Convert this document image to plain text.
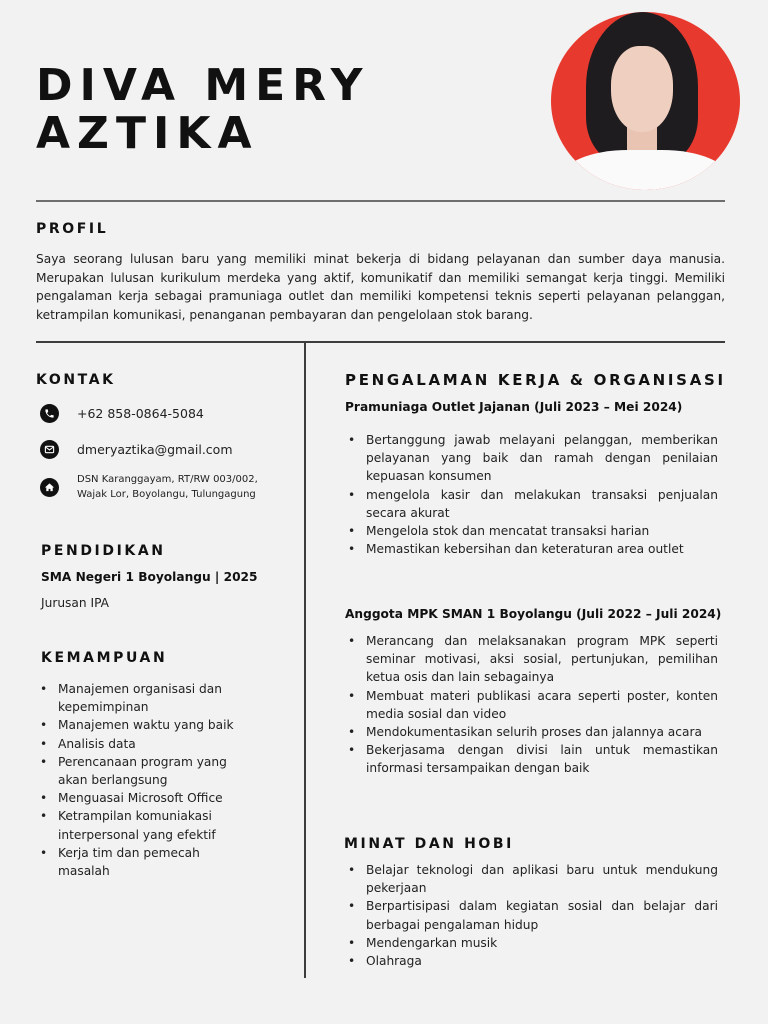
DIVA MERY
AZTIKA
PROFIL

Saya seorang lulusan baru yang memiliki minat bekerja di bidang pelayanan dan sumber daya manusia. Merupakan lulusan kurikulum merdeka yang aktif, komunikatif dan memiliki semangat kerja tinggi. Memiliki pengalaman kerja sebagai pramuniaga outlet dan memiliki kompetensi teknis seperti pelayanan pelanggan, ketrampilan komunikasi, penanganan pembayaran dan pengelolaan stok barang.

KONTAK
+62 858-0864-5084
dmeryaztika@gmail.com
DSN Karanggayam, RT/RW 003/002,
Wajak Lor, Boyolangu, Tulungagung
PENDIDIKAN
SMA Negeri 1 Boyolangu | 2025
Jurusan IPA
KEMAMPUAN
• Manajemen organisasi dan kepemimpinan
• Manajemen waktu yang baik
• Analisis data
• Perencanaan program yang akan berlangsung
• Menguasai Microsoft Office
• Ketrampilan komuniakasi interpersonal yang efektif
• Kerja tim dan pemecah masalah
PENGALAMAN KERJA & ORGANISASI
Pramuniaga Outlet Jajanan (Juli 2023 – Mei 2024)
• Bertanggung jawab melayani pelanggan, memberikan pelayanan yang baik dan ramah dengan penilaian kepuasan konsumen
• mengelola kasir dan melakukan transaksi penjualan secara akurat
• Mengelola stok dan mencatat transaksi harian
• Memastikan kebersihan dan keteraturan area outlet
Anggota MPK SMAN 1 Boyolangu (Juli 2022 – Juli 2024)
• Merancang dan melaksanakan program MPK seperti seminar motivasi, aksi sosial, pertunjukan, pemilihan ketua osis dan lain sebagainya
• Membuat materi publikasi acara seperti poster, konten media sosial dan video
• Mendokumentasikan selurih proses dan jalannya acara
• Bekerjasama dengan divisi lain untuk memastikan informasi tersampaikan dengan baik
MINAT DAN HOBI
• Belajar teknologi dan aplikasi baru untuk mendukung pekerjaan
• Berpartisipasi dalam kegiatan sosial dan belajar dari berbagai pengalaman hidup
• Mendengarkan musik
• Olahraga
